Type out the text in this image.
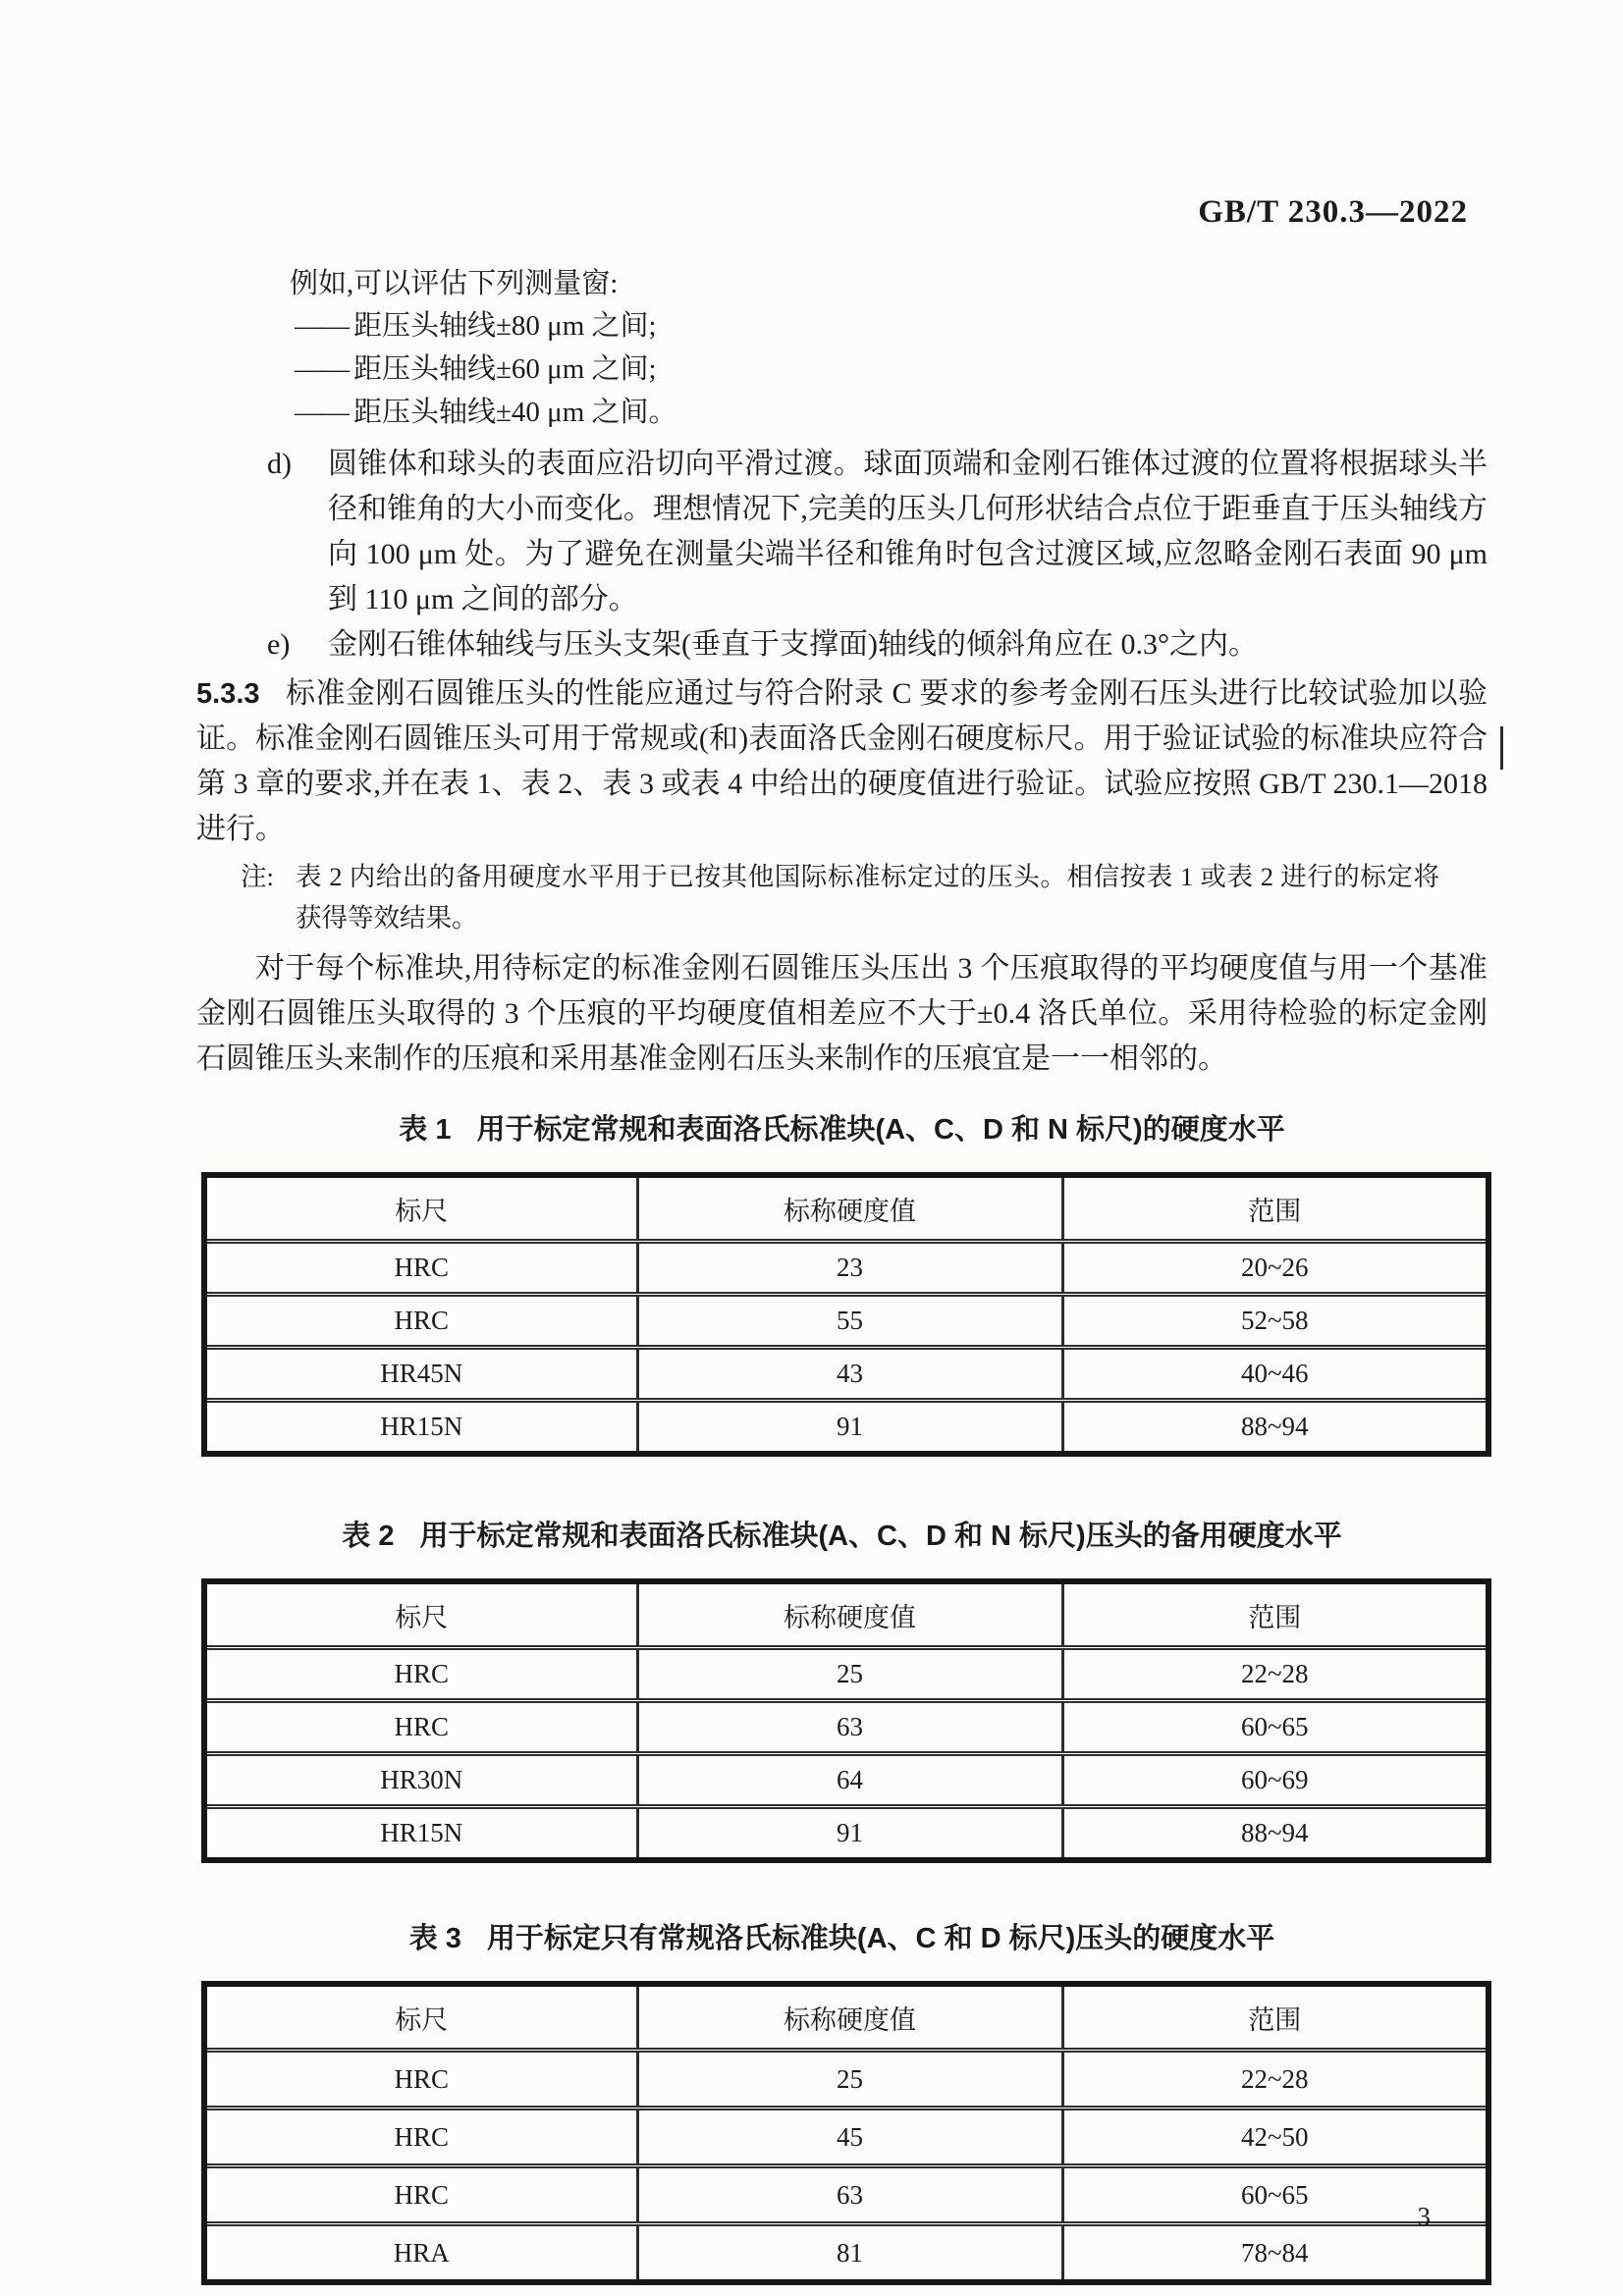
GB/T 230.3—2022
例如,可以评估下列测量窗:
—— 距压头轴线±80 μm 之间;
—— 距压头轴线±60 μm 之间;
—— 距压头轴线±40 μm 之间。
d)	圆锥体和球头的表面应沿切向平滑过渡。球面顶端和金刚石锥体过渡的位置将根据球头半径和锥角的大小而变化。理想情况下,完美的压头几何形状结合点位于距垂直于压头轴线方向 100 μm 处。为了避免在测量尖端半径和锥角时包含过渡区域,应忽略金刚石表面 90 μm 到 110 μm 之间的部分。
e)	金刚石锥体轴线与压头支架(垂直于支撑面)轴线的倾斜角应在 0.3°之内。

5.3.3 标准金刚石圆锥压头的性能应通过与符合附录 C 要求的参考金刚石压头进行比较试验加以验证。标准金刚石圆锥压头可用于常规或(和)表面洛氏金刚石硬度标尺。用于验证试验的标准块应符合第 3 章的要求,并在表 1、表 2、表 3 或表 4 中给出的硬度值进行验证。试验应按照 GB/T 230.1—2018 进行。

注: 表 2 内给出的备用硬度水平用于已按其他国际标准标定过的压头。相信按表 1 或表 2 进行的标定将获得等效结果。

对于每个标准块,用待标定的标准金刚石圆锥压头压出 3 个压痕取得的平均硬度值与用一个基准金刚石圆锥压头取得的 3 个压痕的平均硬度值相差应不大于±0.4 洛氏单位。采用待检验的标定金刚石圆锥压头来制作的压痕和采用基准金刚石压头来制作的压痕宜是一一相邻的。

表 1 用于标定常规和表面洛氏标准块(A、C、D 和 N 标尺)的硬度水平
标尺	标称硬度值	范围
HRC	23	20~26
HRC	55	52~58
HR45N	43	40~46
HR15N	91	88~94
表 2 用于标定常规和表面洛氏标准块(A、C、D 和 N 标尺)压头的备用硬度水平
标尺	标称硬度值	范围
HRC	25	22~28
HRC	63	60~65
HR30N	64	60~69
HR15N	91	88~94
表 3 用于标定只有常规洛氏标准块(A、C 和 D 标尺)压头的硬度水平
标尺	标称硬度值	范围
HRC	25	22~28
HRC	45	42~50
HRC	63	60~65
HRA	81	78~84
3
